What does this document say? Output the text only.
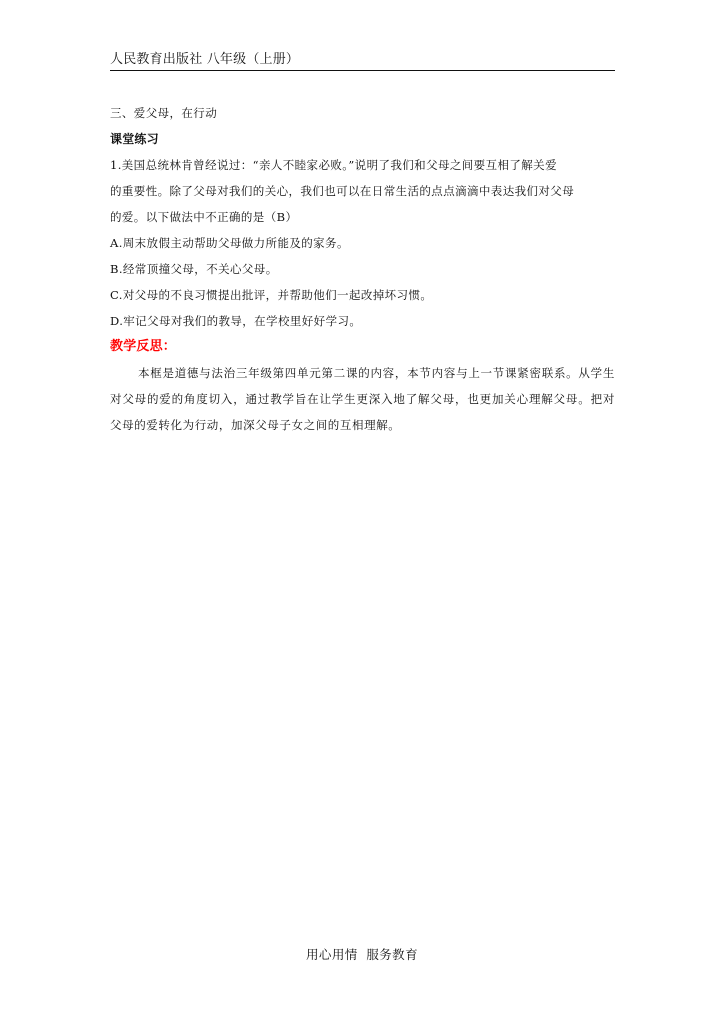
人民教育出版社 八年级（上册）
三、爱父母，在行动
课堂练习
1.美国总统林肯曾经说过：“亲人不睦家必败。”说明了我们和父母之间要互相了解关爱
的重要性。除了父母对我们的关心，我们也可以在日常生活的点点滴滴中表达我们对父母
的爱。以下做法中不正确的是（B）
A.周末放假主动帮助父母做力所能及的家务。
B.经常顶撞父母，不关心父母。
C.对父母的不良习惯提出批评，并帮助他们一起改掉坏习惯。
D.牢记父母对我们的教导，在学校里好好学习。
教学反思：

本框是道德与法治三年级第四单元第二课的内容，本节内容与上一节课紧密联系。从学生对父母的爱的角度切入，通过教学旨在让学生更深入地了解父母，也更加关心理解父母。把对父母的爱转化为行动，加深父母子女之间的互相理解。

用心用情 服务教育
